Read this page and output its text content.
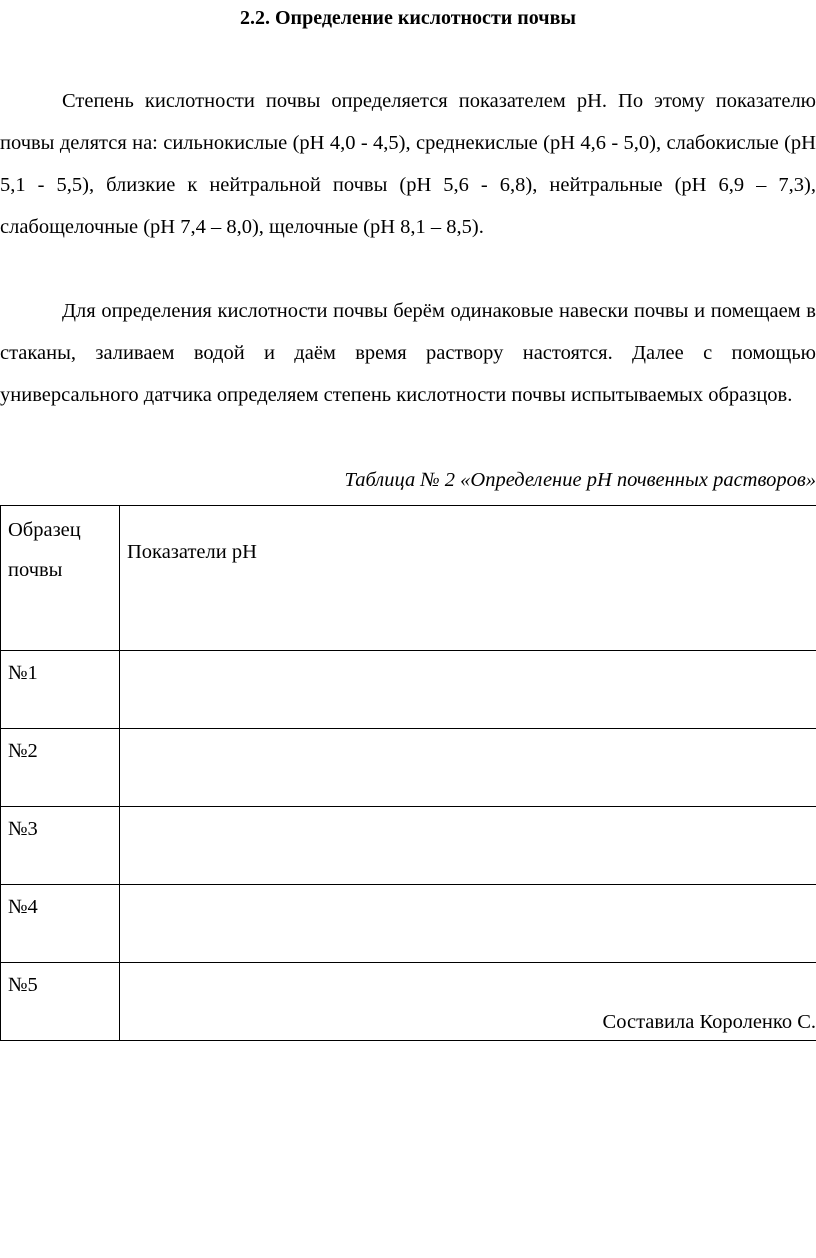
2.2. Определение кислотности почвы

Степень кислотности почвы определяется показателем pH. По этому показателю почвы делятся на: сильнокислые (рН 4,0 - 4,5), среднекислые (рН 4,6 - 5,0), слабокислые (рН 5,1 - 5,5), близкие к нейтральной почвы (рН 5,6 - 6,8), нейтральные (рН 6,9 – 7,3), слабощелочные (рН 7,4 – 8,0), щелочные (рН 8,1 – 8,5).

Для определения кислотности почвы берём одинаковые навески почвы и помещаем в стаканы, заливаем водой и даём время раствору настоятся. Далее с помощью универсального датчика определяем степень кислотности почвы испытываемых образцов.

Таблица № 2 «Определение рН почвенных растворов»
Образец почвы	Показатели рН
№1	
№2	
№3	
№4	
№5	
Составила Короленко С.
